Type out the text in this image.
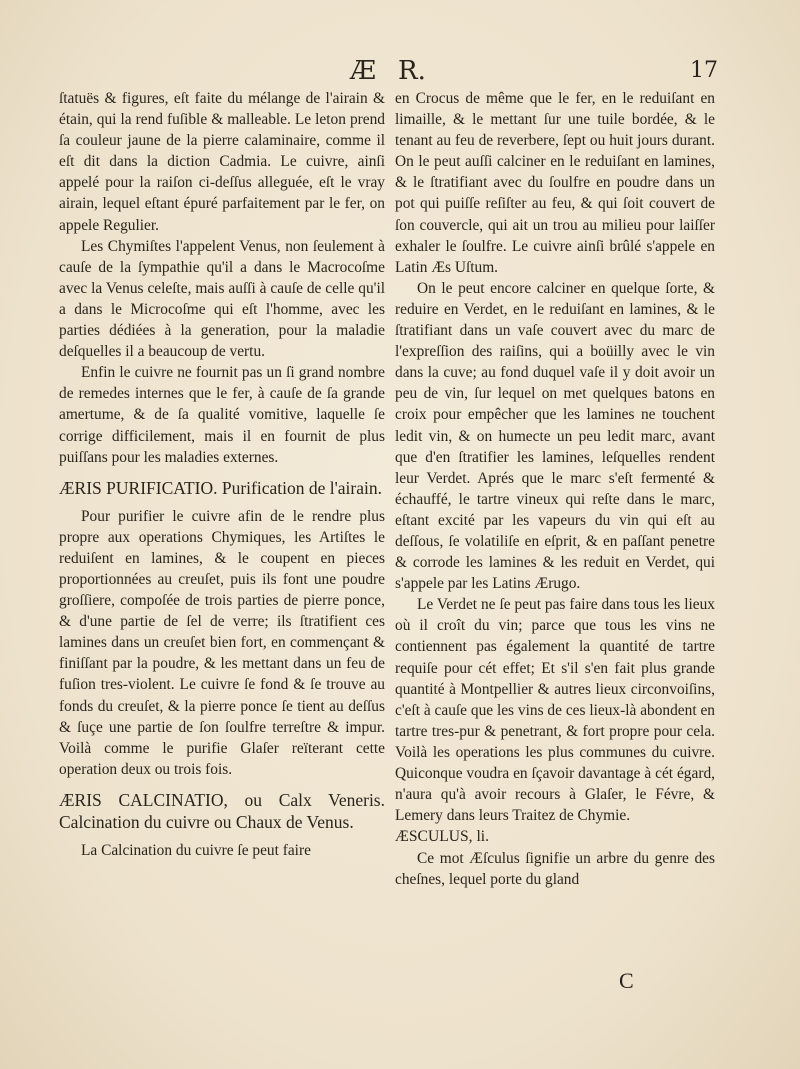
Æ R.	17

ſtatuës & figures, eſt faite du mélange de l'airain & étain, qui la rend fuſible & malleable. Le leton prend ſa couleur jaune de la pierre calaminaire, comme il eſt dit dans la diction Cadmia. Le cuivre, ainſi appelé pour la raiſon ci-deſſus alleguée, eſt le vray airain, lequel eſtant épuré parfaitement par le fer, on appele Regulier.

Les Chymiſtes l'appelent Venus, non ſeulement à cauſe de la ſympathie qu'il a dans le Macrocoſme avec la Venus celeſte, mais auſſi à cauſe de celle qu'il a dans le Microcoſme qui eſt l'homme, avec les parties dédiées à la generation, pour la maladie deſquelles il a beaucoup de vertu.

Enfin le cuivre ne fournit pas un ſi grand nombre de remedes internes que le fer, à cauſe de ſa grande amertume, & de ſa qualité vomitive, laquelle ſe corrige difficilement, mais il en fournit de plus puiſſans pour les maladies externes.

ÆRIS PURIFICATIO. Purification de l'airain.

Pour purifier le cuivre afin de le rendre plus propre aux operations Chymiques, les Artiſtes le reduiſent en lamines, & le coupent en pieces proportionnées au creuſet, puis ils font une poudre groſſiere, compoſée de trois parties de pierre ponce, & d'une partie de ſel de verre; ils ſtratifient ces lamines dans un creuſet bien fort, en commençant & finiſſant par la poudre, & les mettant dans un feu de fuſion tres-violent. Le cuivre ſe fond & ſe trouve au fonds du creuſet, & la pierre ponce ſe tient au deſſus & ſuçe une partie de ſon ſoulfre terreſtre & impur. Voilà comme le purifie Glaſer reïterant cette operation deux ou trois fois.

ÆRIS CALCINATIO, ou Calx Veneris. Calcination du cuivre ou Chaux de Venus.

La Calcination du cuivre ſe peut faire

en Crocus de même que le fer, en le reduiſant en limaille, & le mettant ſur une tuile bordée, & le tenant au feu de reverbere, ſept ou huit jours durant. On le peut auſſi calciner en le reduiſant en lamines, & le ſtratifiant avec du ſoulfre en poudre dans un pot qui puiſſe reſiſter au feu, & qui ſoit couvert de ſon couvercle, qui ait un trou au milieu pour laiſſer exhaler le ſoulfre. Le cuivre ainſi brûlé s'appele en Latin Æs Uſtum.

On le peut encore calciner en quelque ſorte, & reduire en Verdet, en le reduiſant en lamines, & le ſtratifiant dans un vaſe couvert avec du marc de l'expreſſion des raiſins, qui a boüilly avec le vin dans la cuve; au fond duquel vaſe il y doit avoir un peu de vin, ſur lequel on met quelques batons en croix pour empêcher que les lamines ne touchent ledit vin, & on humecte un peu ledit marc, avant que d'en ſtratifier les lamines, leſquelles rendent leur Verdet. Aprés que le marc s'eſt fermenté & échauffé, le tartre vineux qui reſte dans le marc, eſtant excité par les vapeurs du vin qui eſt au deſſous, ſe volatiliſe en eſprit, & en paſſant penetre & corrode les lamines & les reduit en Verdet, qui s'appele par les Latins Ærugo.

Le Verdet ne ſe peut pas faire dans tous les lieux où il croît du vin; parce que tous les vins ne contiennent pas également la quantité de tartre requiſe pour cét effet; Et s'il s'en fait plus grande quantité à Montpellier & autres lieux circonvoiſins, c'eſt à cauſe que les vins de ces lieux-là abondent en tartre tres-pur & penetrant, & fort propre pour cela. Voilà les operations les plus communes du cuivre. Quiconque voudra en ſçavoir davantage à cét égard, n'aura qu'à avoir recours à Glaſer, le Févre, & Lemery dans leurs Traitez de Chymie.

ÆSCULUS, li.

Ce mot Æſculus ſignifie un arbre du genre des cheſnes, lequel porte du gland

C
